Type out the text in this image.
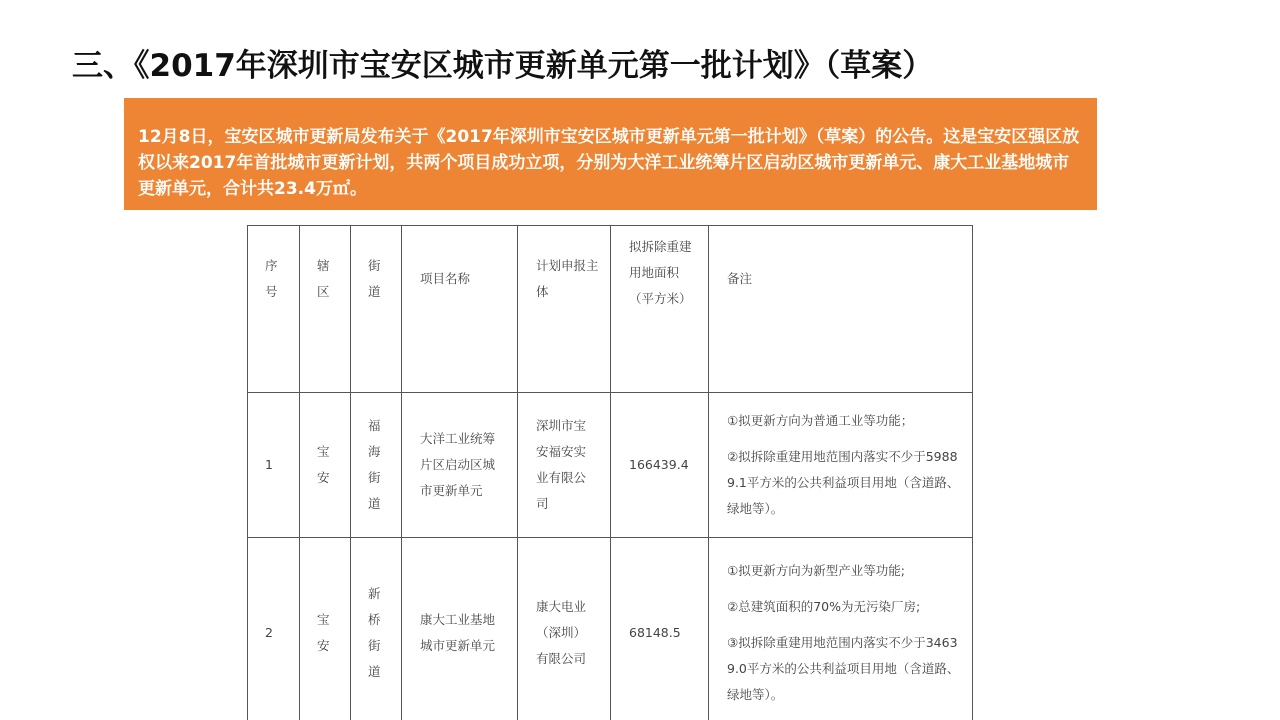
三、《2017年深圳市宝安区城市更新单元第一批计划》（草案）
12月8日，宝安区城市更新局发布关于《2017年深圳市宝安区城市更新单元第一批计划》（草案）的公告。这是宝安区强区放权以来2017年首批城市更新计划，共两个项目成功立项，分别为大洋工业统筹片区启动区城市更新单元、康大工业基地城市更新单元，合计共23.4万㎡。
序号	辖区	街道	项目名称	计划申报主体	拟拆除重建用地面积（平方米）	备注
1	宝安	福海街道	大洋工业统筹片区启动区城市更新单元	深圳市宝安福安实业有限公司	166439.4	①拟更新方向为普通工业等功能；
②拟拆除重建用地范围内落实不少于59889.1平方米的公共利益项目用地（含道路、绿地等）。

2	宝安	新桥街道	康大工业基地城市更新单元	康大电业（深圳）有限公司	68148.5	①拟更新方向为新型产业等功能;
②总建筑面积的70%为无污染厂房;
③拟拆除重建用地范围内落实不少于34639.0平方米的公共利益项目用地（含道路、绿地等）。
